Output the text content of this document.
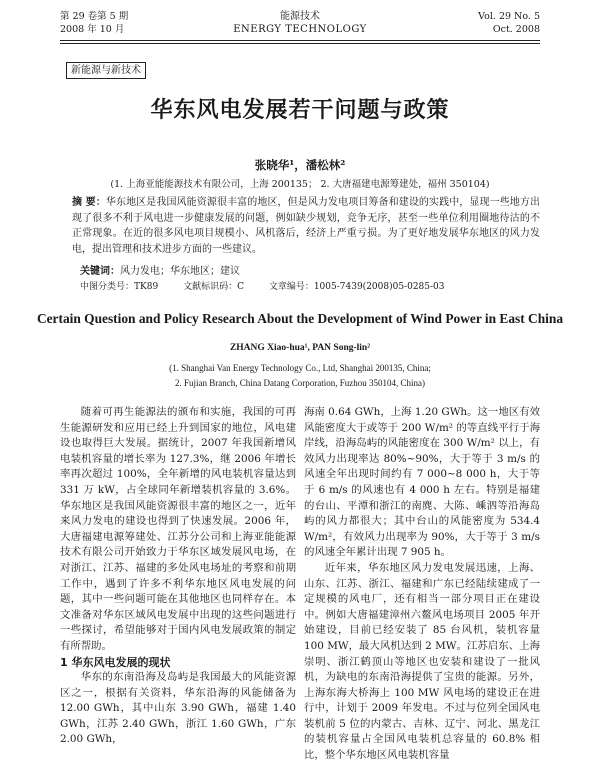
第 29 卷第 5 期
2008 年 10 月
能源技术
ENERGY TECHNOLOGY
Vol. 29 No. 5
Oct. 2008
新能源与新技术
华东风电发展若干问题与政策
张晓华¹，潘松林²
(1. 上海亚能能源技术有限公司，上海 200135； 2. 大唐福建电源筹建处，福州 350104)
摘 要：华东地区是我国风能资源很丰富的地区，但是风力发电项目筹备和建设的实践中，显现一些地方出现了很多不利于风电进一步健康发展的问题，例如缺少规划，竞争无序，甚至一些单位利用圈地待沽的不正常现象。在近的很多风电项目规模小、风机落后，经济上严重亏损。为了更好地发展华东地区的风力发电，提出管理和技术进步方面的一些建议。
关键词：风力发电；华东地区；建议
中图分类号：TK89	文献标识码：C	文章编号：1005-7439(2008)05-0285-03
Certain Question and Policy Research About the Development of Wind Power in East China
ZHANG Xiao-hua¹, PAN Song-lin²
(1. Shanghai Van Energy Technology Co., Ltd, Shanghai 200135, China;
2. Fujian Branch, China Datang Corporation, Fuzhou 350104, China)

随着可再生能源法的颁布和实施，我国的可再生能源研发和应用已经上升到国家的地位，风电建设也取得巨大发展。据统计，2007 年我国新增风电装机容量的增长率为 127.3%，继 2006 年增长率再次超过 100%，全年新增的风电装机容量达到 331 万 kW，占全球同年新增装机容量的 3.6%。华东地区是我国风能资源很丰富的地区之一，近年来风力发电的建设也得到了快速发展。2006 年，大唐福建电源筹建处、江苏分公司和上海亚能能源技术有限公司开始致力于华东区域发展风电场，在对浙江、江苏、福建的多处风电场址的考察和前期工作中，遇到了许多不利华东地区风电发展的问题，其中一些问题可能在其他地区也同样存在。本文准备对华东区域风电发展中出现的这些问题进行一些探讨，希望能够对于国内风电发展政策的制定有所帮助。

1 华东风电发展的现状

华东的东南沿海及岛屿是我国最大的风能资源区之一，根据有关资料，华东沿海的风能储备为 12.00 GWh，其中山东 3.90 GWh，福建 1.40 GWh，江苏 2.40 GWh，浙江 1.60 GWh，广东 2.00 GWh，

海南 0.64 GWh，上海 1.20 GWh。这一地区有效风能密度大于或等于 200 W/m² 的等直线平行于海岸线，沿海岛屿的风能密度在 300 W/m² 以上，有效风力出现率达 80%~90%，大于等于 3 m/s 的风速全年出现时间约有 7 000~8 000 h，大于等于 6 m/s 的风速也有 4 000 h 左右。特别是福建的台山、平潭和浙江的南麂、大陈、嵊泗等沿海岛屿的风力都很大；其中台山的风能密度为 534.4 W/m²，有效风力出现率为 90%，大于等于 3 m/s 的风速全年累计出现 7 905 h。

近年来，华东地区风力发电发展迅速，上海、山东、江苏、浙江、福建和广东已经陆续建成了一定规模的风电厂，还有相当一部分项目正在建设中。例如大唐福建漳州六鳌风电场项目 2005 年开始建设，目前已经安装了 85 台风机，装机容量 100 MW，最大风机达到 2 MW。江苏启东、上海崇明、浙江鹤顶山等地区也安装和建设了一批风机，为缺电的东南沿海提供了宝贵的能源。另外，上海东海大桥海上 100 MW 风电场的建设正在进行中，计划于 2009 年发电。不过与位列全国风电装机前 5 位的内蒙古、吉林、辽宁、河北、黑龙江的装机容量占全国风电装机总容量的 60.8% 相比，整个华东地区风电装机容量
